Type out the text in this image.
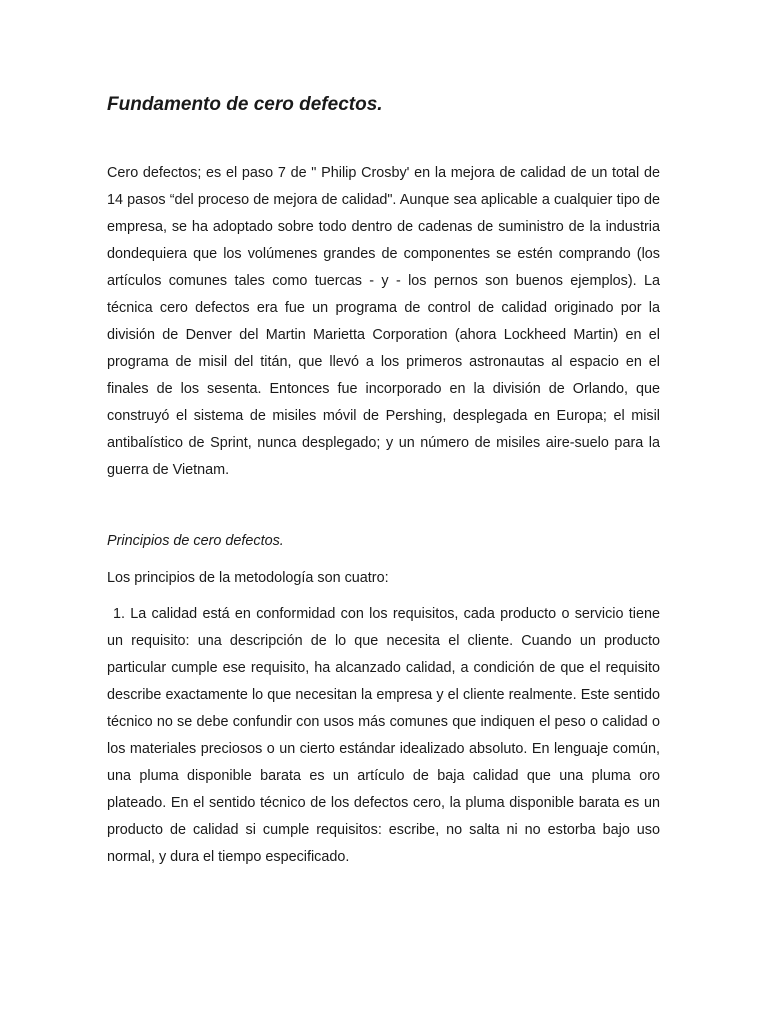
Fundamento de cero defectos.

Cero defectos; es el paso 7 de " Philip Crosby' en la mejora de calidad de un total de 14 pasos “del proceso de mejora de calidad". Aunque sea aplicable a cualquier tipo de empresa, se ha adoptado sobre todo dentro de cadenas de suministro de la industria dondequiera que los volúmenes grandes de componentes se estén comprando (los artículos comunes tales como tuercas - y - los pernos son buenos ejemplos). La técnica cero defectos era fue un programa de control de calidad originado por la división de Denver del Martin Marietta Corporation (ahora Lockheed Martin) en el programa de misil del titán, que llevó a los primeros astronautas al espacio en el finales de los sesenta. Entonces fue incorporado en la división de Orlando, que construyó el sistema de misiles móvil de Pershing, desplegada en Europa; el misil antibalístico de Sprint, nunca desplegado; y un número de misiles aire-suelo para la guerra de Vietnam.

Principios de cero defectos.

Los principios de la metodología son cuatro:

1. La calidad está en conformidad con los requisitos, cada producto o servicio tiene un requisito: una descripción de lo que necesita el cliente. Cuando un producto particular cumple ese requisito, ha alcanzado calidad, a condición de que el requisito describe exactamente lo que necesitan la empresa y el cliente realmente. Este sentido técnico no se debe confundir con usos más comunes que indiquen el peso o calidad o los materiales preciosos o un cierto estándar idealizado absoluto. En lenguaje común, una pluma disponible barata es un artículo de baja calidad que una pluma oro plateado. En el sentido técnico de los defectos cero, la pluma disponible barata es un producto de calidad si cumple requisitos: escribe, no salta ni no estorba bajo uso normal, y dura el tiempo especificado.
